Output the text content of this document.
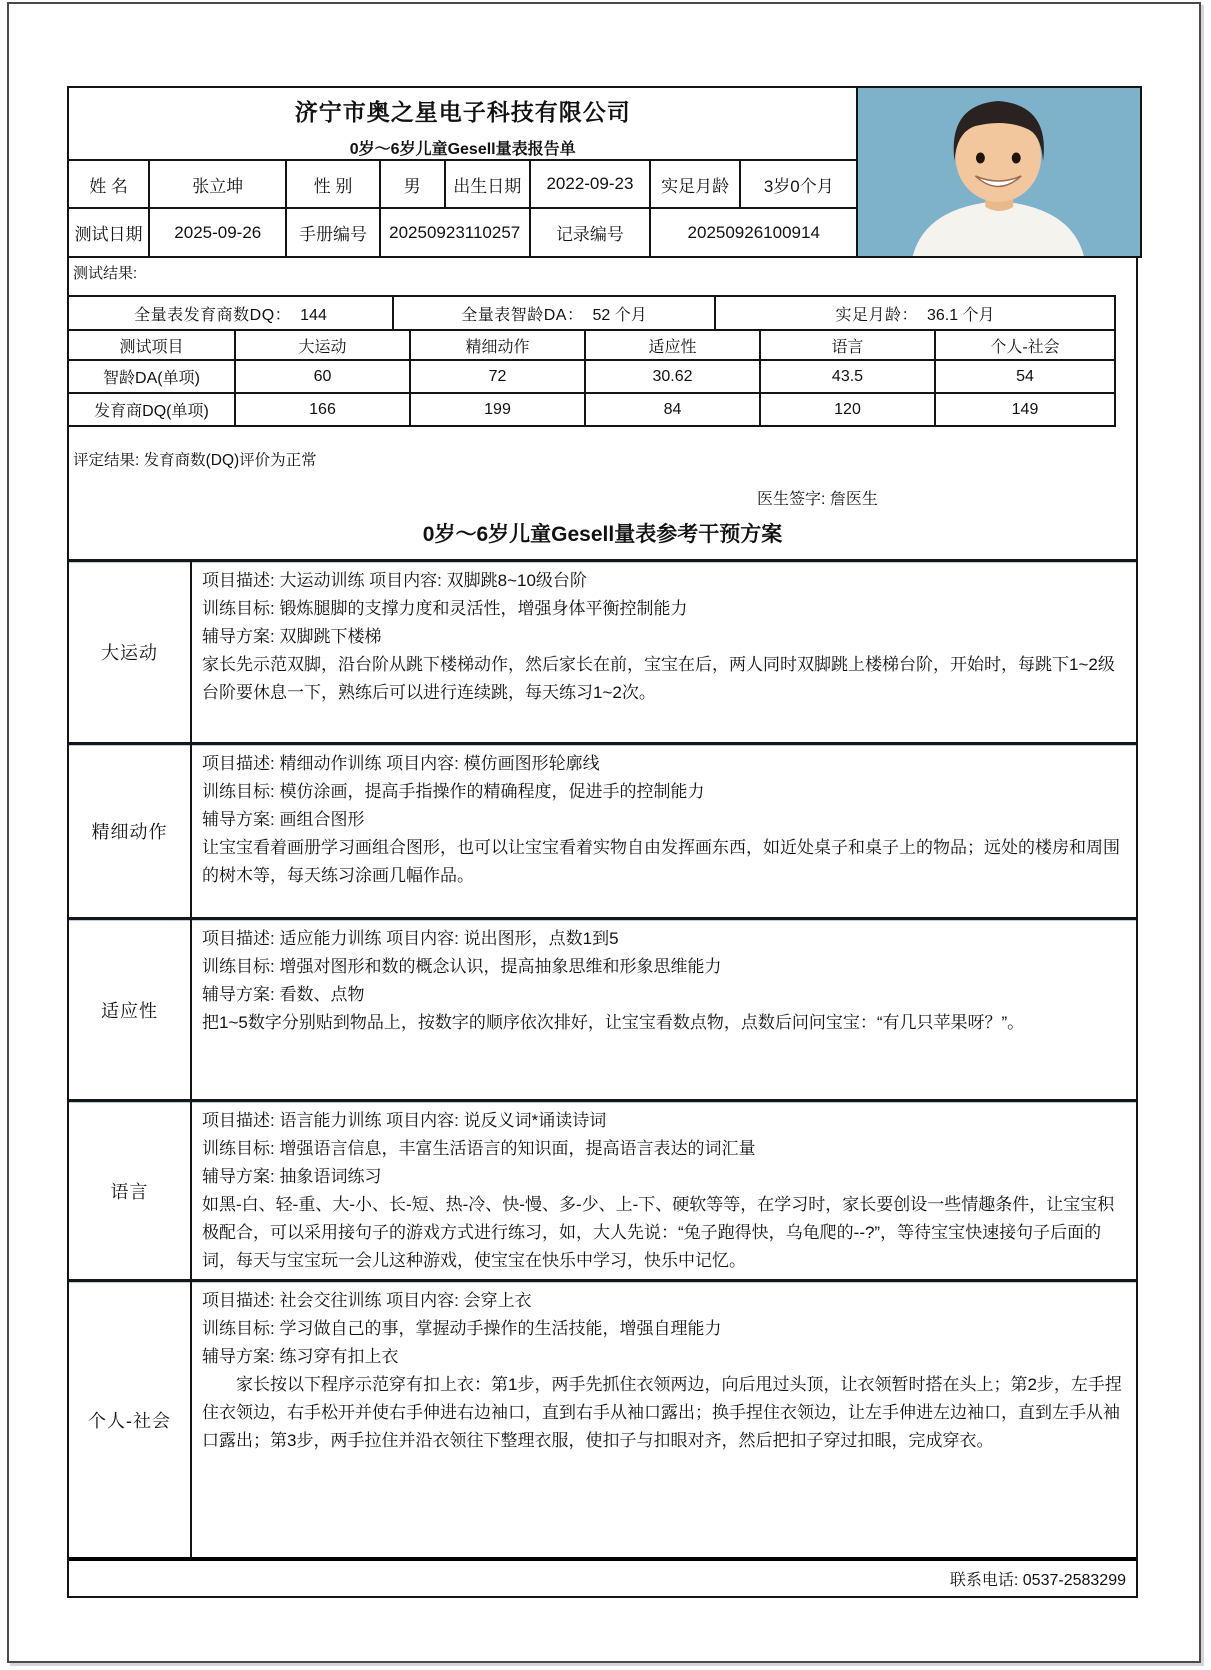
济宁市奥之星电子科技有限公司
0岁～6岁儿童Gesell量表报告单

姓 名	张立坤	性 别	男	出生日期	2022-09-23	实足月龄	3岁0个月	
测试日期	2025-09-26	手册编号	20250923110257		记录编号	20250926100914		
测试结果:
全量表发育商数DQ： 144	全量表智龄DA： 52 个月	实足月龄： 36.1 个月
测试项目	大运动	精细动作	适应性	语言	个人-社会
智龄DA(单项)	60	72	30.62	43.5	54
发育商DQ(单项)	166	199	84	120	149
评定结果: 发育商数(DQ)评价为正常
医生签字: 詹医生
0岁～6岁儿童Gesell量表参考干预方案
大运动

项目描述: 大运动训练 项目内容: 双脚跳8~10级台阶

训练目标: 锻炼腿脚的支撑力度和灵活性，增强身体平衡控制能力

辅导方案: 双脚跳下楼梯

家长先示范双脚，沿台阶从跳下楼梯动作，然后家长在前，宝宝在后，两人同时双脚跳上楼梯台阶，开始时，每跳下1~2级台阶要休息一下，熟练后可以进行连续跳，每天练习1~2次。

精细动作

项目描述: 精细动作训练 项目内容: 模仿画图形轮廓线

训练目标: 模仿涂画，提高手指操作的精确程度，促进手的控制能力

辅导方案: 画组合图形

让宝宝看着画册学习画组合图形，也可以让宝宝看着实物自由发挥画东西，如近处桌子和桌子上的物品；远处的楼房和周围的树木等，每天练习涂画几幅作品。

适应性

项目描述: 适应能力训练 项目内容: 说出图形，点数1到5

训练目标: 增强对图形和数的概念认识，提高抽象思维和形象思维能力

辅导方案: 看数、点物

把1~5数字分别贴到物品上，按数字的顺序依次排好，让宝宝看数点物，点数后问问宝宝：“有几只苹果呀？”。

语言

项目描述: 语言能力训练 项目内容: 说反义词*诵读诗词

训练目标: 增强语言信息，丰富生活语言的知识面，提高语言表达的词汇量

辅导方案: 抽象语词练习

如黑-白、轻-重、大-小、长-短、热-冷、快-慢、多-少、上-下、硬软等等，在学习时，家长要创设一些情趣条件，让宝宝积极配合，可以采用接句子的游戏方式进行练习，如，大人先说：“兔子跑得快，乌龟爬的--?”，等待宝宝快速接句子后面的词，每天与宝宝玩一会儿这种游戏，使宝宝在快乐中学习，快乐中记忆。

个人-社会

项目描述: 社会交往训练 项目内容: 会穿上衣

训练目标: 学习做自己的事，掌握动手操作的生活技能，增强自理能力

辅导方案: 练习穿有扣上衣

家长按以下程序示范穿有扣上衣：第1步，两手先抓住衣领两边，向后甩过头顶，让衣领暂时搭在头上；第2步，左手捏住衣领边，右手松开并使右手伸进右边袖口，直到右手从袖口露出；换手捏住衣领边，让左手伸进左边袖口，直到左手从袖口露出；第3步，两手拉住并沿衣领往下整理衣服，使扣子与扣眼对齐，然后把扣子穿过扣眼，完成穿衣。

联系电话: 0537-2583299
